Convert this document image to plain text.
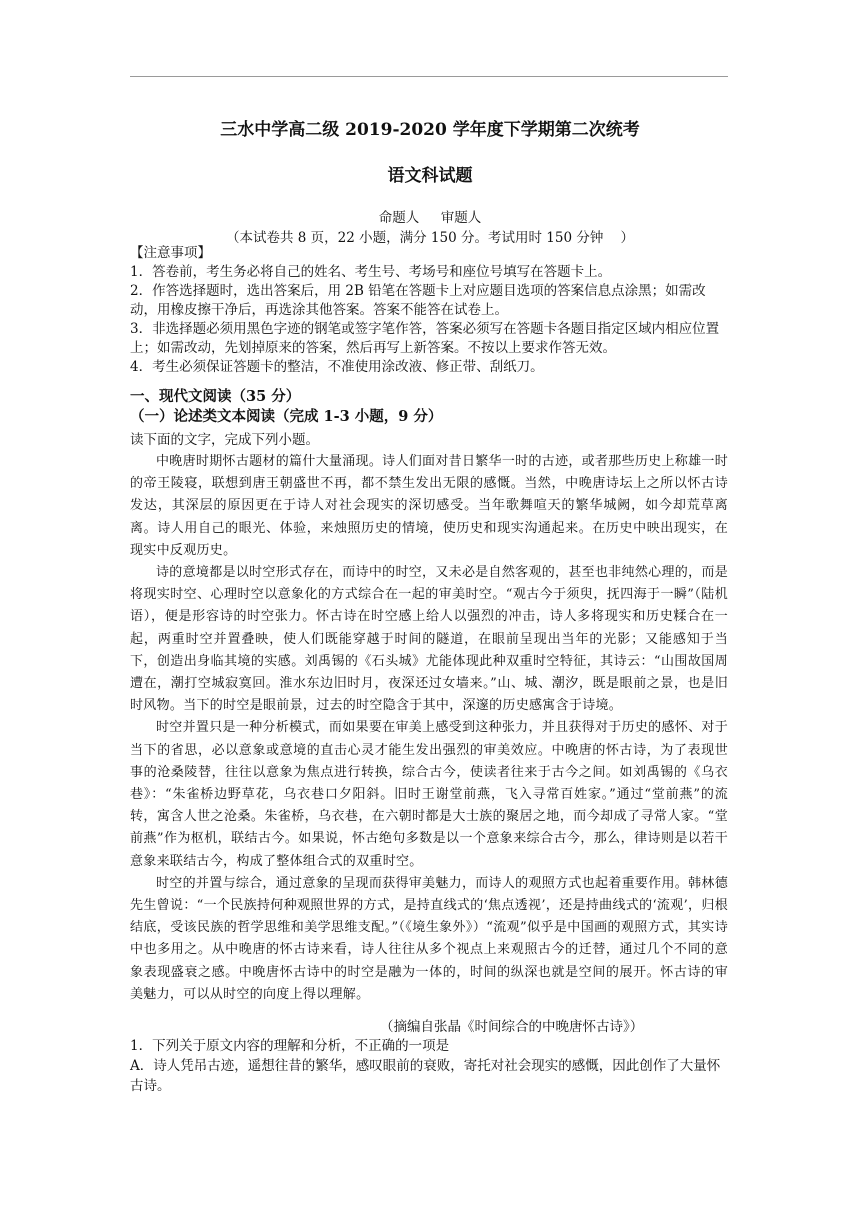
三水中学高二级 2019-2020 学年度下学期第二次统考
语文科试题
命题人     审题人
（本试卷共 8 页，22 小题，满分 150 分。考试用时 150 分钟    ）
【注意事项】
1．答卷前，考生务必将自己的姓名、考生号、考场号和座位号填写在答题卡上。
2．作答选择题时，选出答案后，用 2B 铅笔在答题卡上对应题目选项的答案信息点涂黑；如需改动，用橡皮擦干净后，再选涂其他答案。答案不能答在试卷上。
3．非选择题必须用黑色字迹的钢笔或签字笔作答，答案必须写在答题卡各题目指定区域内相应位置上；如需改动，先划掉原来的答案，然后再写上新答案。不按以上要求作答无效。
4．考生必须保证答题卡的整洁，不准使用涂改液、修正带、刮纸刀。
一、现代文阅读（35 分）
（一）论述类文本阅读（完成 1-3 小题，9 分）
读下面的文字，完成下列小题。

中晚唐时期怀古题材的篇什大量涌现。诗人们面对昔日繁华一时的古迹，或者那些历史上称雄一时的帝王陵寝，联想到唐王朝盛世不再，都不禁生发出无限的感慨。当然，中晚唐诗坛上之所以怀古诗发达，其深层的原因更在于诗人对社会现实的深切感受。当年歌舞喧天的繁华城阙，如今却荒草离离。诗人用自己的眼光、体验，来烛照历史的情境，使历史和现实沟通起来。在历史中映出现实，在现实中反观历史。

诗的意境都是以时空形式存在，而诗中的时空，又未必是自然客观的，甚至也非纯然心理的，而是将现实时空、心理时空以意象化的方式综合在一起的审美时空。“观古今于须臾，抚四海于一瞬”（陆机语），便是形容诗的时空张力。怀古诗在时空感上给人以强烈的冲击，诗人多将现实和历史糅合在一起，两重时空并置叠映，使人们既能穿越于时间的隧道，在眼前呈现出当年的光影；又能感知于当下，创造出身临其境的实感。刘禹锡的《石头城》尤能体现此种双重时空特征，其诗云：“山围故国周遭在，潮打空城寂寞回。淮水东边旧时月，夜深还过女墙来。”山、城、潮汐，既是眼前之景，也是旧时风物。当下的时空是眼前景，过去的时空隐含于其中，深邃的历史感寓含于诗境。

时空并置只是一种分析模式，而如果要在审美上感受到这种张力，并且获得对于历史的感怀、对于当下的省思，必以意象或意境的直击心灵才能生发出强烈的审美效应。中晚唐的怀古诗，为了表现世事的沧桑陵替，往往以意象为焦点进行转换，综合古今，使读者往来于古今之间。如刘禹锡的《乌衣巷》：“朱雀桥边野草花，乌衣巷口夕阳斜。旧时王谢堂前燕，飞入寻常百姓家。”通过“堂前燕”的流转，寓含人世之沧桑。朱雀桥，乌衣巷，在六朝时都是大士族的聚居之地，而今却成了寻常人家。“堂前燕”作为枢机，联结古今。如果说，怀古绝句多数是以一个意象来综合古今，那么，律诗则是以若干意象来联结古今，构成了整体组合式的双重时空。

时空的并置与综合，通过意象的呈现而获得审美魅力，而诗人的观照方式也起着重要作用。韩林德先生曾说：“一个民族持何种观照世界的方式，是持直线式的‘焦点透视’，还是持曲线式的‘流观’，归根结底，受该民族的哲学思维和美学思维支配。”（《境生象外》）“流观”似乎是中国画的观照方式，其实诗中也多用之。从中晚唐的怀古诗来看，诗人往往从多个视点上来观照古今的迁替，通过几个不同的意象表现盛衰之感。中晚唐怀古诗中的时空是融为一体的，时间的纵深也就是空间的展开。怀古诗的审美魅力，可以从时空的向度上得以理解。

（摘编自张晶《时间综合的中晚唐怀古诗》）
1．下列关于原文内容的理解和分析，不正确的一项是
A．诗人凭吊古迹，遥想往昔的繁华，感叹眼前的衰败，寄托对社会现实的感慨，因此创作了大量怀古诗。
